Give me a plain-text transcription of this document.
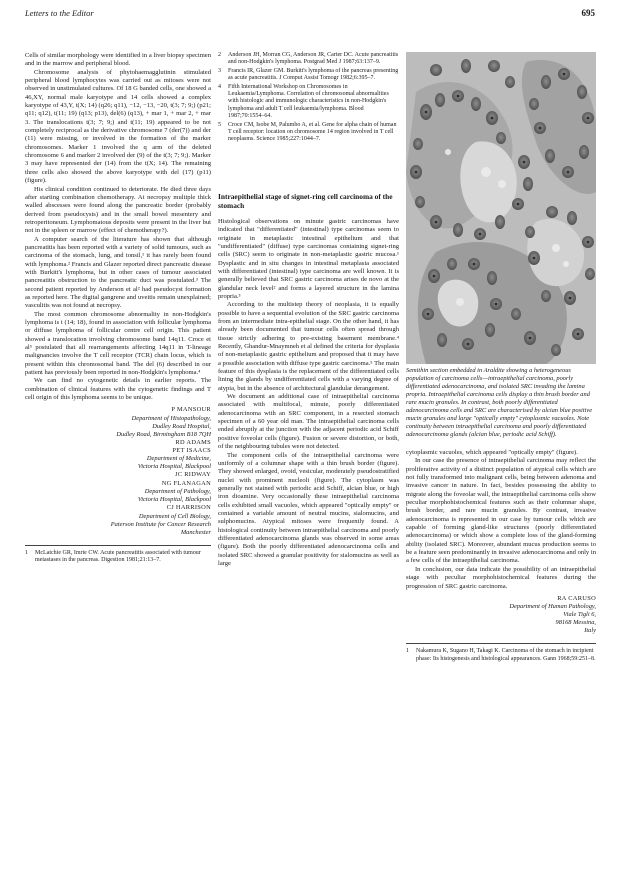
Letters to the Editor	695

Cells of similar morphology were identified in a liver biopsy specimen and in the marrow and peripheral blood.

Chromosome analysis of phytohaemagglutinin stimulated peripheral blood lymphocytes was carried out as mitoses were not observed in unstimulated cultures. Of 18 G banded cells, one showed a 46,XY, normal male karyotype and 14 cells showed a complex karyotype of 43,Y, t(X; 14) (q26; q11), −12, −13, −20, t(3; 7; 9;) (p21; q11; q12), t(11; 19) (q13; p13), del(6) (q13), + mar 1, + mar 2, + mar 3. The translocations t(3; 7; 9;) and t(11; 19) appeared to be not completely reciprocal as the derivative chromosome 7 (der(7)) and der (11) were missing, or involved in the formation of the marker chromosomes. Marker 1 involved the q arm of the deleted chromosome 6 and marker 2 involved der (9) of the t(3; 7; 9;). Marker 3 may have represented der (14) from the t(X; 14). The remaining three cells also showed the above karyotype with del (17) (p11) (figure).

His clinical condition continued to deteriorate. He died three days after starting combination chemotherapy. At necropsy multiple thick walled abscesses were found along the pancreatic border (probably derived from pseudocysts) and in the small bowel mesentery and retroperitoneum. Lymphomatous deposits were present in the liver but not in the spleen or marrow (effect of chemotherapy?).

A computer search of the literature has shown that although pancreatitis has been reported with a variety of solid tumours, such as carcinoma of the stomach, lung, and tonsil,¹ it has rarely been found with lymphoma.² Francis and Glazer reported direct pancreatic disease with Burkitt's lymphoma, but in other cases of tumour associated pancreatitis obstruction to the pancreatic duct was postulated.³ The second patient reported by Anderson et al² had pseudocyst formation as reported here. The digital gangrene and uveitis remain unexplained; vasculitis was not found at necropsy.

The most common chromosome abnormality in non-Hodgkin's lymphoma is t (14; 18), found in association with follicular lymphoma or diffuse lymphoma of follicular centre cell origin. This patient showed a translocation involving chromosome band 14q11. Croce et al⁵ postulated that all rearrangements affecting 14q11 in T-lineage malignancies involve the T cell receptor (TCR) chain locus, which is present within this chromosomal band. The del (6) described in our patient has previously been reported in non-Hodgkin's lymphoma.⁴

We can find no cytogenetic details in earlier reports. The combination of clinical features with the cytogenetic findings and T cell origin of this lymphoma seems to be unique.

P MANSOUR
Department of Histopathology,
Dudley Road Hospital,
Dudley Road, Birmingham B18 7QH
RD ADAMS
PET ISAACS
Department of Medicine,
Victoria Hospital, Blackpool
JC RIDWAY
NG FLANAGAN
Department of Pathology,
Victoria Hospital, Blackpool
CJ HARRISON
Department of Cell Biology,
Paterson Institute for Cancer Research
Manchester
1	McLatchie GR, Imrie CW. Acute pancreatitis associated with tumour metastases in the pancreas. Digestion 1981;21:13–7.
2	Anderson JH, Morran CG, Anderson JR, Carter DC. Acute pancreatitis and non-Hodgkin's lymphoma. Postgrad Med J 1987;63:137–9.
3	Francis IR, Glazer GM. Burkitt's lymphoma of the pancreas presenting as acute pancreatitis. J Comput Assist Tomogr 1982;6:395–7.
4	Fifth International Workshop on Chromosomes in Leukaemia/Lymphoma. Correlation of chromosomal abnormalities with histologic and immunologic characteristics in non-Hodgkin's lymphoma and adult T cell leukaemia/lymphoma. Blood 1987;70:1554–64.
5	Croce CM, Isobe M, Palumbo A, et al. Gene for alpha chain of human T cell receptor: location on chromosome 14 region involved in T cell neoplasms. Science 1985;227:1044–7.
Intraepithelial stage of signet-ring cell carcinoma of the stomach

Histological observations on minute gastric carcinomas have indicated that "differentiated" (intestinal) type carcinomas seem to originate in metaplastic intestinal epithelium and that "undifferentiated" (diffuse) type carcinomas containing signet-ring cells (SRC) seem to originate in non-metaplastic gastric mucosa.¹ Dysplastic and in situ changes in intestinal metaplasia associated with differentiated (intestinal) type carcinoma are well known. It is generally believed that SRC gastric carcinoma arises de novo at the glandular neck level² and forms a layered structure in the lamina propria.³

According to the multistep theory of neoplasia, it is equally possible to have a sequential evolution of the SRC gastric carcinoma from an intermediate intra-epithelial stage. On the other hand, it has already been documented that tumour cells often spread through tissue strictly adhering to pre-existing basement membrane.⁴ Recently, Ghandur-Mnaymneh et al defined the criteria for dysplasia of non-metaplastic gastric epithelium and proposed that it may have a possible association with diffuse type gastric carcinoma.⁵ The main feature of this dysplasia is the replacement of the differentiated cells lining the glands by undifferentiated cells with a varying degree of atypia, but in the absence of architectural glandular derangement.

We document an additional case of intraepithelial carcinoma associated with multifocal, minute, poorly differentiated adenocarcinoma with an SRC component, in a resected stomach specimen of a 60 year old man. The intraepithelial carcinoma cells ended abruptly at the junction with the adjacent periodic acid Schiff positive foveolar cells (figure). Fusion or severe distortion, or both, of the neighbouring tubules were not detected.

The component cells of the intraepithelial carcinoma were uniformly of a columnar shape with a thin brush border (figure). They showed enlarged, ovoid, vesicular, moderately pseudostratified nuclei with prominent nucleoli (figure). The cytoplasm was generally not stained with periodic acid Schiff, alcian blue, or high iron dioamine. Very occasionally these intraepithelial carcinoma cells exhibited small vacuoles, which appeared "optically empty" or contained a variable amount of neutral mucins, sialomucins, and sulphomucins. Atypical mitoses were frequently found. A histological continuity between intraepithelial carcinoma and poorly differentiated adenocarcinoma glands was observed in some areas (figure). Both the poorly differentiated adenocarcinoma cells and isolated SRC showed a granular positivity for sialomucins as well as large

Semithin section embedded in Araldite showing a heterogeneous population of carcinoma cells—intraepithelial carcinoma, poorly differentiated adenocarcinoma, and isolated SRC invading the lamina propria. Intraepithelial carcinoma cells display a thin brush border and rare mucin granules. In contrast, both poorly differentiated adenocarcinoma cells and SRC are characterised by alcian blue positive mucin granules and large "optically empty" cytoplasmic vacuoles. Note continuity between intraepithelial carcinoma and poorly differentiated adenocarcinoma glands (alcian blue, periodic acid Schiff).

cytoplasmic vacuoles, which appeared "optically empty" (figure).

In our case the presence of intraepithelial carcinoma may reflect the proliferative activity of a distinct population of atypical cells which are not fully transformed into malignant cells, being between adenoma and invasive cancer in nature. In fact, besides possessing the ability to migrate along the foveolar wall, the intraepithelial carcinoma cells show peculiar morphohistochemical features such as their columnar shape, brush border, and rare mucin granules. By contrast, invasive adenocarcinoma is represented in our case by tumour cells which are capable of forming gland-like structures (poorly differentiated adenocarcinoma) or which show a complete loss of the gland-forming ability (isolated SRC). Moreover, abundant mucus production seems to be a feature seen predominantly in invasive adenocarcinoma and only in a few cells of the intraepithelial carcinoma.

In conclusion, our data indicate the possibility of an intraepithelial stage with peculiar morphohistochemical features during the progression of SRC gastric carcinoma.

RA CARUSO
Department of Human Pathology,
Viale Tigli 6,
98168 Messina,
Italy
1	Nakamura K, Sugano H, Takagi K. Carcinoma of the stomach in incipient phase: Its histogenesis and histological appearances. Gann 1968;59:251–8.
